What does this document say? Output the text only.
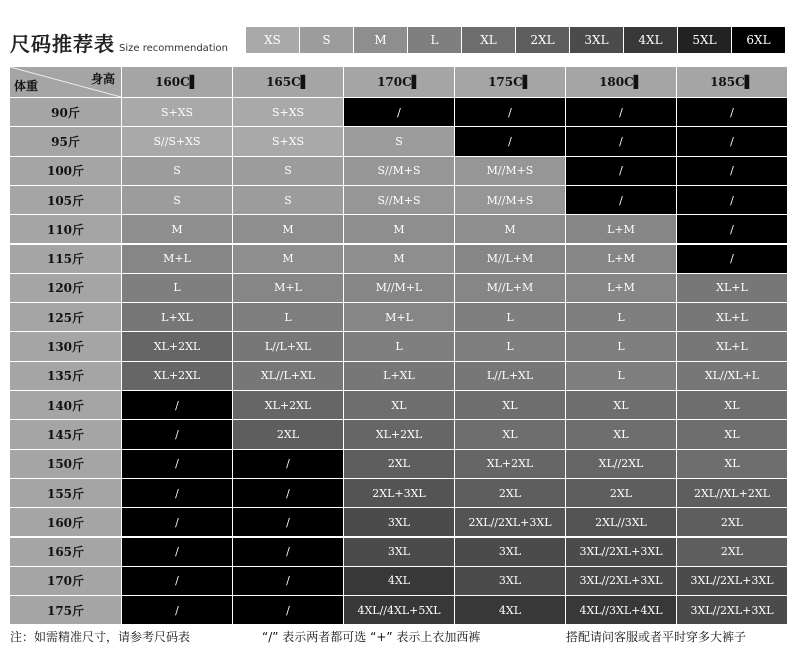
尺码推荐表 Size recommendation
XS	S	M	L	XL	2XL	3XL	4XL	5XL	6XL
身高
体重	160C▌	165C▌	170C▌	175C▌	180C▌	185C▌
90斤	S+XS	S+XS	/	/	/	/
95斤	S//S+XS	S+XS	S	/	/	/
100斤	S	S	S//M+S	M//M+S	/	/
105斤	S	S	S//M+S	M//M+S	/	/
110斤	M	M	M	M	L+M	/
115斤	M+L	M	M	M//L+M	L+M	/
120斤	L	M+L	M//M+L	M//L+M	L+M	XL+L
125斤	L+XL	L	M+L	L	L	XL+L
130斤	XL+2XL	L//L+XL	L	L	L	XL+L
135斤	XL+2XL	XL//L+XL	L+XL	L//L+XL	L	XL//XL+L
140斤	/	XL+2XL	XL	XL	XL	XL
145斤	/	2XL	XL+2XL	XL	XL	XL
150斤	/	/	2XL	XL+2XL	XL//2XL	XL
155斤	/	/	2XL+3XL	2XL	2XL	2XL//XL+2XL
160斤	/	/	3XL	2XL//2XL+3XL	2XL//3XL	2XL
165斤	/	/	3XL	3XL	3XL//2XL+3XL	2XL
170斤	/	/	4XL	3XL	3XL//2XL+3XL	3XL//2XL+3XL
175斤	/	/	4XL//4XL+5XL	4XL	4XL//3XL+4XL	3XL//2XL+3XL
注：如需精准尺寸，请参考尺码表	“/” 表示两者都可选 “+” 表示上衣加西裤	搭配请问客服或者平时穿多大裤子
